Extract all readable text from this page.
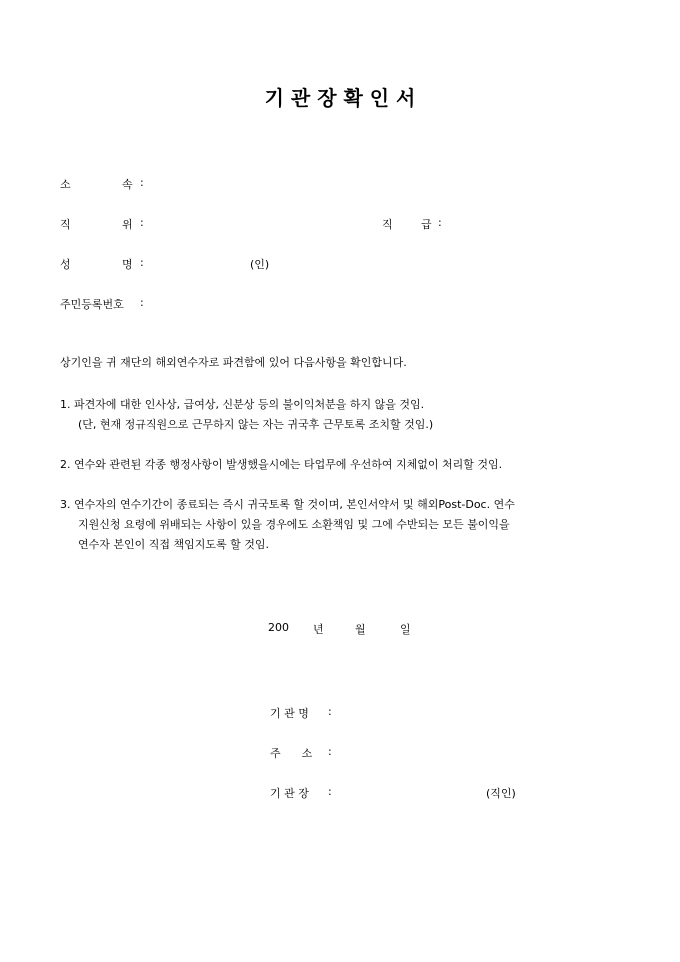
기 관 장 확 인 서
소	속 :
직	위 :	직	급 :
성	명 :	(인)
주민등록번호 :
상기인을 귀 재단의 해외연수자로 파견함에 있어 다음사항을 확인합니다.
1. 파견자에 대한 인사상, 급여상, 신분상 등의 불이익처분을 하지 않을 것임.
(단, 현재 정규직원으로 근무하지 않는 자는 귀국후 근무토록 조치할 것임.)
2. 연수와 관련된 각종 행정사항이 발생했을시에는 타업무에 우선하여 지체없이 처리할 것임.
3. 연수자의 연수기간이 종료되는 즉시 귀국토록 할 것이며, 본인서약서 및 해외Post-Doc. 연수
지원신청 요령에 위배되는 사항이 있을 경우에도 소환책임 및 그에 수반되는 모든 불이익을
연수자 본인이 직접 책임지도록 할 것임.
200 년	월	일
기 관 명 :
주      소 :
기 관 장 :	(직인)
